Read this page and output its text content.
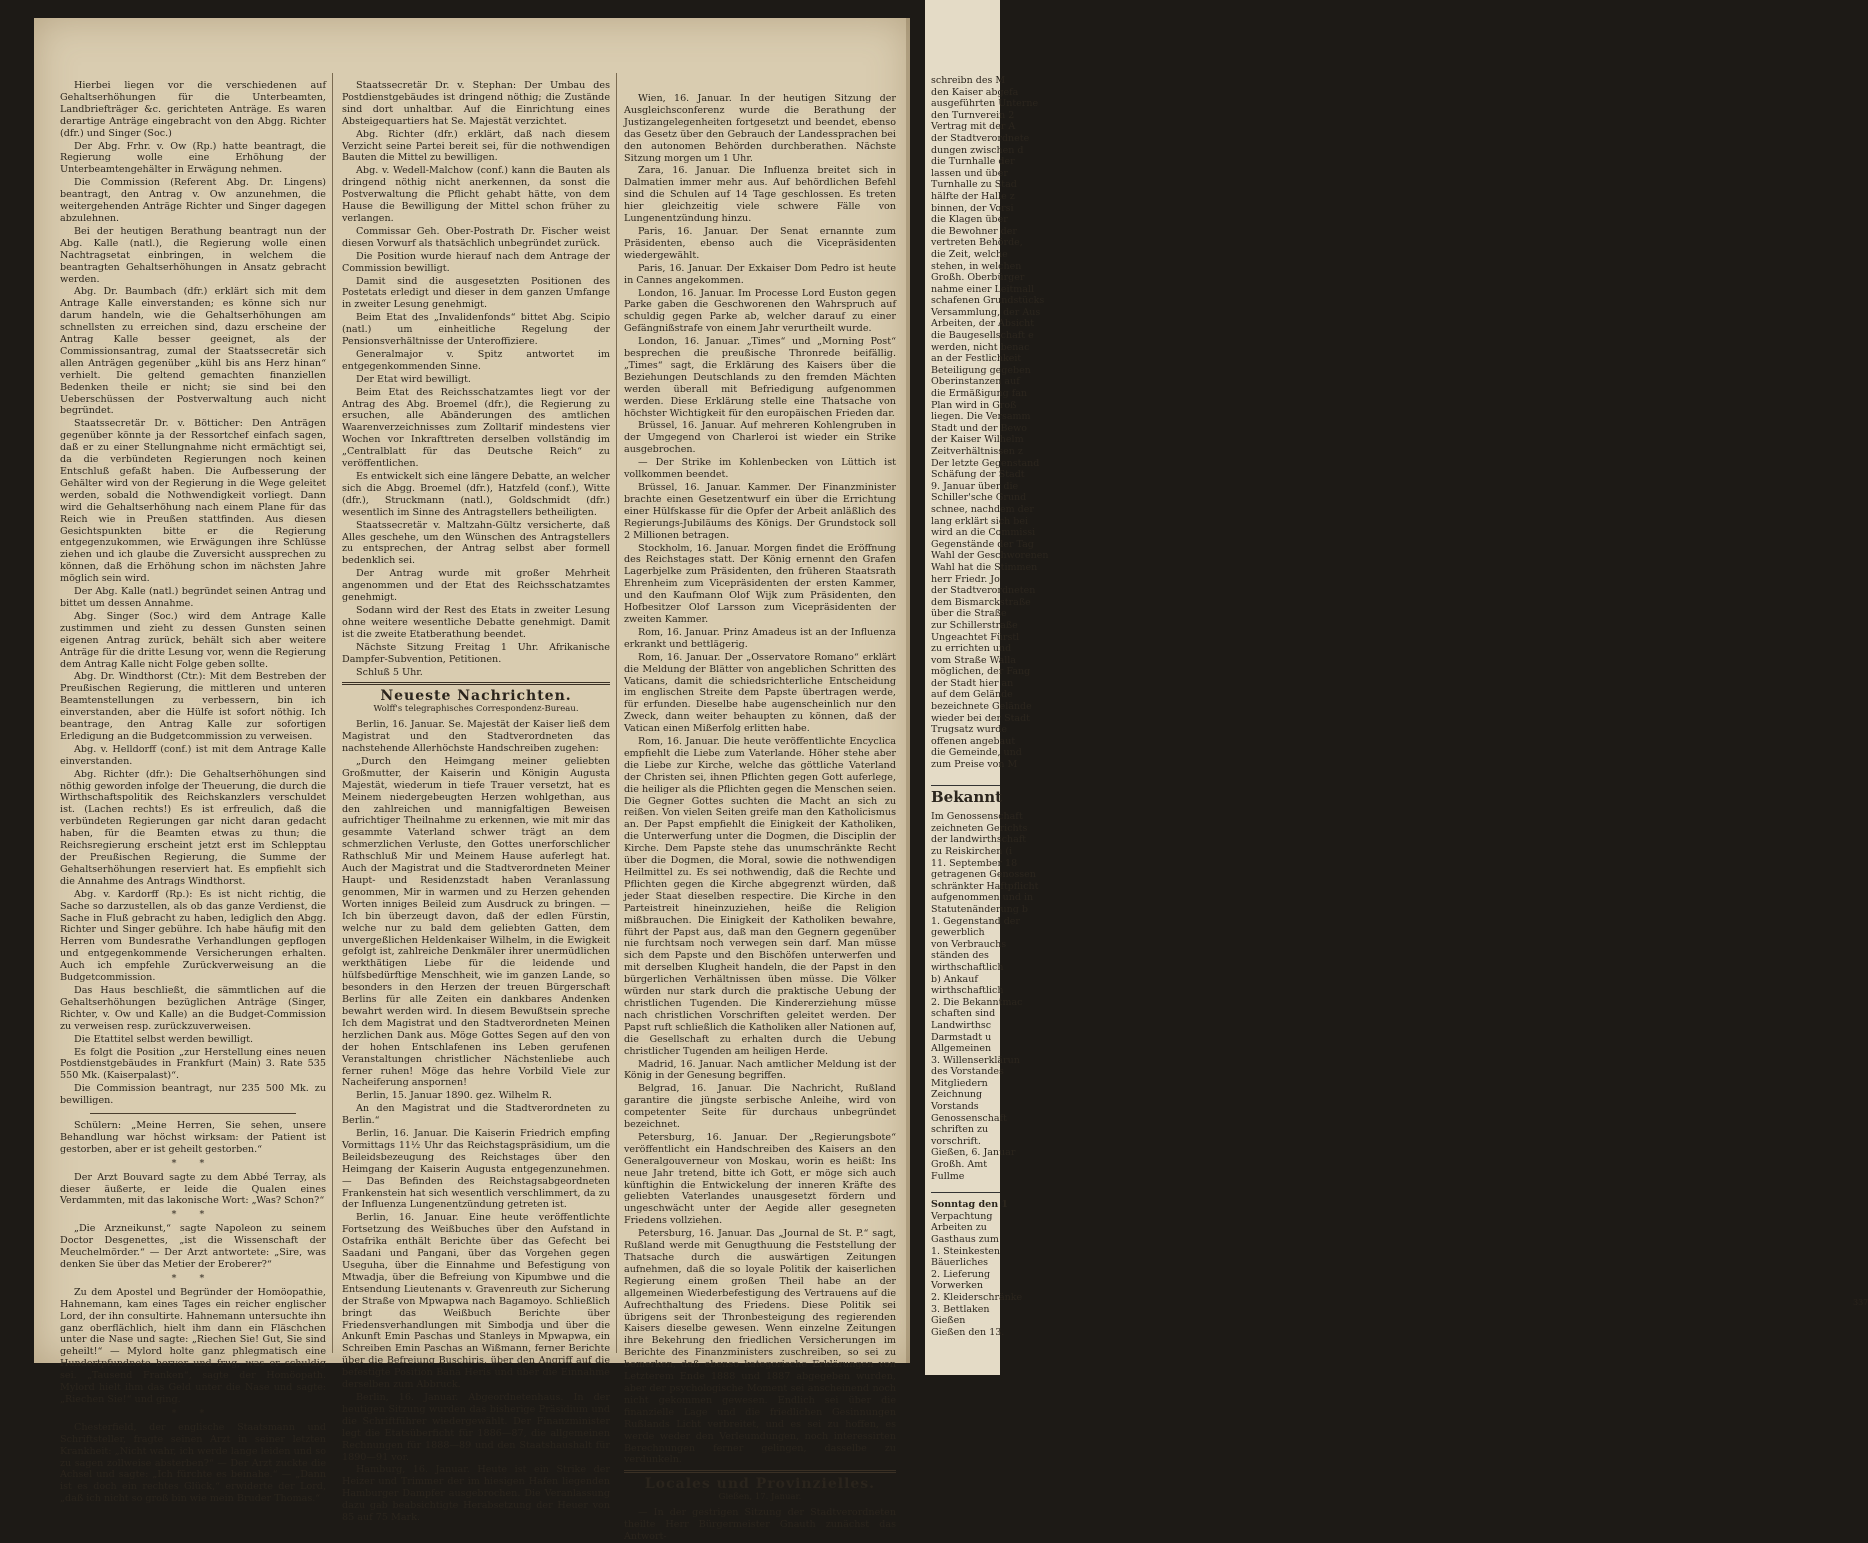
Hierbei liegen vor die verschiedenen auf Gehaltserhöhungen für die Unterbeamten, Landbriefträger &c. gerichteten Anträge. Es waren derartige Anträge eingebracht von den Abgg. Richter (dfr.) und Singer (Soc.)

Der Abg. Frhr. v. Ow (Rp.) hatte beantragt, die Regierung wolle eine Erhöhung der Unterbeamtengehälter in Erwägung nehmen.

Die Commission (Referent Abg. Dr. Lingens) beantragt, den Antrag v. Ow anzunehmen, die weitergehenden Anträge Richter und Singer dagegen abzulehnen.

Bei der heutigen Berathung beantragt nun der Abg. Kalle (natl.), die Regierung wolle einen Nachtragsetat einbringen, in welchem die beantragten Gehaltserhöhungen in Ansatz gebracht werden.

Abg. Dr. Baumbach (dfr.) erklärt sich mit dem Antrage Kalle einverstanden; es könne sich nur darum handeln, wie die Gehaltserhöhungen am schnellsten zu erreichen sind, dazu erscheine der Antrag Kalle besser geeignet, als der Commissionsantrag, zumal der Staatssecretär sich allen Anträgen gegenüber „kühl bis ans Herz hinan“ verhielt. Die geltend gemachten finanziellen Bedenken theile er nicht; sie sind bei den Ueberschüssen der Postverwaltung auch nicht begründet.

Staatssecretär Dr. v. Bötticher: Den Anträgen gegenüber könnte ja der Ressortchef einfach sagen, daß er zu einer Stellungnahme nicht ermächtigt sei, da die verbündeten Regierungen noch keinen Entschluß gefaßt haben. Die Aufbesserung der Gehälter wird von der Regierung in die Wege geleitet werden, sobald die Nothwendigkeit vorliegt. Dann wird die Gehaltserhöhung nach einem Plane für das Reich wie in Preußen stattfinden. Aus diesen Gesichtspunkten bitte er die Regierung entgegenzukommen, wie Erwägungen ihre Schlüsse ziehen und ich glaube die Zuversicht aussprechen zu können, daß die Erhöhung schon im nächsten Jahre möglich sein wird.

Der Abg. Kalle (natl.) begründet seinen Antrag und bittet um dessen Annahme.

Abg. Singer (Soc.) wird dem Antrage Kalle zustimmen und zieht zu dessen Gunsten seinen eigenen Antrag zurück, behält sich aber weitere Anträge für die dritte Lesung vor, wenn die Regierung dem Antrag Kalle nicht Folge geben sollte.

Abg. Dr. Windthorst (Ctr.): Mit dem Bestreben der Preußischen Regierung, die mittleren und unteren Beamtenstellungen zu verbessern, bin ich einverstanden, aber die Hülfe ist sofort nöthig. Ich beantrage, den Antrag Kalle zur sofortigen Erledigung an die Budgetcommission zu verweisen.

Abg. v. Helldorff (conf.) ist mit dem Antrage Kalle einverstanden.

Abg. Richter (dfr.): Die Gehaltserhöhungen sind nöthig geworden infolge der Theuerung, die durch die Wirthschaftspolitik des Reichskanzlers verschuldet ist. (Lachen rechts!) Es ist erfreulich, daß die verbündeten Regierungen gar nicht daran gedacht haben, für die Beamten etwas zu thun; die Reichsregierung erscheint jetzt erst im Schlepptau der Preußischen Regierung, die Summe der Gehaltserhöhungen reserviert hat. Es empfiehlt sich die Annahme des Antrags Windthorst.

Abg. v. Kardorff (Rp.): Es ist nicht richtig, die Sache so darzustellen, als ob das ganze Verdienst, die Sache in Fluß gebracht zu haben, lediglich den Abgg. Richter und Singer gebühre. Ich habe häufig mit den Herren vom Bundesrathe Verhandlungen gepflogen und entgegenkommende Versicherungen erhalten. Auch ich empfehle Zurückverweisung an die Budgetcommission.

Das Haus beschließt, die sämmtlichen auf die Gehaltserhöhungen bezüglichen Anträge (Singer, Richter, v. Ow und Kalle) an die Budget-Commission zu verweisen resp. zurückzuverweisen.

Die Etattitel selbst werden bewilligt.

Es folgt die Position „zur Herstellung eines neuen Postdienstgebäudes in Frankfurt (Main) 3. Rate 535 550 Mk. (Kaiserpalast)“.

Die Commission beantragt, nur 235 500 Mk. zu bewilligen.

Schülern: „Meine Herren, Sie sehen, unsere Behandlung war höchst wirksam: der Patient ist gestorben, aber er ist geheilt gestorben.“

* *

Der Arzt Bouvard sagte zu dem Abbé Terray, als dieser äußerte, er leide die Qualen eines Verdammten, mit das lakonische Wort: „Was? Schon?“

* *

„Die Arzneikunst,“ sagte Napoleon zu seinem Doctor Desgenettes, „ist die Wissenschaft der Meuchelmörder.“ — Der Arzt antwortete: „Sire, was denken Sie über das Metier der Eroberer?“

* *

Zu dem Apostel und Begründer der Homöopathie, Hahnemann, kam eines Tages ein reicher englischer Lord, der ihn consultirte. Hahnemann untersuchte ihn ganz oberflächlich, hielt ihm dann ein Fläschchen unter die Nase und sagte: „Riechen Sie! Gut, Sie sind geheilt!“ — Mylord holte ganz phlegmatisch eine Hundertpfundnote hervor und frug, was er schuldig sei. „Tausend Franken“, sagte der Homöopath. Mylord hielt ihm das Geld unter die Nase und sagte: „Riechen Sie!“ und ging.

* *

Chesterfield, der englische Staatsmann und Schriftsteller, fragte seinen Arzt in seiner letzten Krankheit: „Nicht wahr, ich werde lange leiden und so zu sagen zollweise absterben?“ — Der Arzt zuckte die Achsel und sagte: „Ich fürchte es beinahe.“ — „Dann ist es doch ein rechtes Glück,“ erwiderte der Lord, „daß ich nicht so groß bin wie mein Bruder Thomas.“

Staatssecretär Dr. v. Stephan: Der Umbau des Postdienstgebäudes ist dringend nöthig; die Zustände sind dort unhaltbar. Auf die Einrichtung eines Absteigequartiers hat Se. Majestät verzichtet.

Abg. Richter (dfr.) erklärt, daß nach diesem Verzicht seine Partei bereit sei, für die nothwendigen Bauten die Mittel zu bewilligen.

Abg. v. Wedell-Malchow (conf.) kann die Bauten als dringend nöthig nicht anerkennen, da sonst die Postverwaltung die Pflicht gehabt hätte, von dem Hause die Bewilligung der Mittel schon früher zu verlangen.

Commissar Geh. Ober-Postrath Dr. Fischer weist diesen Vorwurf als thatsächlich unbegründet zurück.

Die Position wurde hierauf nach dem Antrage der Commission bewilligt.

Damit sind die ausgesetzten Positionen des Postetats erledigt und dieser in dem ganzen Umfange in zweiter Lesung genehmigt.

Beim Etat des „Invalidenfonds“ bittet Abg. Scipio (natl.) um einheitliche Regelung der Pensionsverhältnisse der Unteroffiziere.

Generalmajor v. Spitz antwortet im entgegenkommenden Sinne.

Der Etat wird bewilligt.

Beim Etat des Reichsschatzamtes liegt vor der Antrag des Abg. Broemel (dfr.), die Regierung zu ersuchen, alle Abänderungen des amtlichen Waarenverzeichnisses zum Zolltarif mindestens vier Wochen vor Inkrafttreten derselben vollständig im „Centralblatt für das Deutsche Reich“ zu veröffentlichen.

Es entwickelt sich eine längere Debatte, an welcher sich die Abgg. Broemel (dfr.), Hatzfeld (conf.), Witte (dfr.), Struckmann (natl.), Goldschmidt (dfr.) wesentlich im Sinne des Antragstellers betheiligten.

Staatssecretär v. Maltzahn-Gültz versicherte, daß Alles geschehe, um den Wünschen des Antragstellers zu entsprechen, der Antrag selbst aber formell bedenklich sei.

Der Antrag wurde mit großer Mehrheit angenommen und der Etat des Reichsschatzamtes genehmigt.

Sodann wird der Rest des Etats in zweiter Lesung ohne weitere wesentliche Debatte genehmigt. Damit ist die zweite Etatberathung beendet.

Nächste Sitzung Freitag 1 Uhr. Afrikanische Dampfer-Subvention, Petitionen.

Schluß 5 Uhr.

Neueste Nachrichten.
Wolff's telegraphisches Correspondenz-Bureau.

Berlin, 16. Januar. Se. Majestät der Kaiser ließ dem Magistrat und den Stadtverordneten das nachstehende Allerhöchste Handschreiben zugehen:

„Durch den Heimgang meiner geliebten Großmutter, der Kaiserin und Königin Augusta Majestät, wiederum in tiefe Trauer versetzt, hat es Meinem niedergebeugten Herzen wohlgethan, aus den zahlreichen und mannigfaltigen Beweisen aufrichtiger Theilnahme zu erkennen, wie mit mir das gesammte Vaterland schwer trägt an dem schmerzlichen Verluste, den Gottes unerforschlicher Rathschluß Mir und Meinem Hause auferlegt hat. Auch der Magistrat und die Stadtverordneten Meiner Haupt- und Residenzstadt haben Veranlassung genommen, Mir in warmen und zu Herzen gehenden Worten inniges Beileid zum Ausdruck zu bringen. — Ich bin überzeugt davon, daß der edlen Fürstin, welche nur zu bald dem geliebten Gatten, dem unvergeßlichen Heldenkaiser Wilhelm, in die Ewigkeit gefolgt ist, zahlreiche Denkmäler ihrer unermüdlichen werkthätigen Liebe für die leidende und hülfsbedürftige Menschheit, wie im ganzen Lande, so besonders in den Herzen der treuen Bürgerschaft Berlins für alle Zeiten ein dankbares Andenken bewahrt werden wird. In diesem Bewußtsein spreche Ich dem Magistrat und den Stadtverordneten Meinen herzlichen Dank aus. Möge Gottes Segen auf den von der hohen Entschlafenen ins Leben gerufenen Veranstaltungen christlicher Nächstenliebe auch ferner ruhen! Möge das hehre Vorbild Viele zur Nacheiferung anspornen!

Berlin, 15. Januar 1890. gez. Wilhelm R.

An den Magistrat und die Stadtverordneten zu Berlin.“

Berlin, 16. Januar. Die Kaiserin Friedrich empfing Vormittags 11½ Uhr das Reichstagspräsidium, um die Beileidsbezeugung des Reichstages über den Heimgang der Kaiserin Augusta entgegenzunehmen. — Das Befinden des Reichstagsabgeordneten Frankenstein hat sich wesentlich verschlimmert, da zu der Influenza Lungenentzündung getreten ist.

Berlin, 16. Januar. Eine heute veröffentlichte Fortsetzung des Weißbuches über den Aufstand in Ostafrika enthält Berichte über das Gefecht bei Saadani und Pangani, über das Vorgehen gegen Useguha, über die Einnahme und Befestigung von Mtwadja, über die Befreiung von Kipumbwe und die Entsendung Lieutenants v. Gravenreuth zur Sicherung der Straße von Mpwapwa nach Bagamoyo. Schließlich bringt das Weißbuch Berichte über Friedensverhandlungen mit Simbodja und über die Ankunft Emin Paschas und Stanleys in Mpwapwa, ein Schreiben Emin Paschas an Wißmann, ferner Berichte über die Befreiung Buschiris, über den Angriff auf die befestigte Position Bana Heris und über die Einnahme derselben zum Abbruck.

Berlin, 16. Januar. Abgeordnetenhaus. In der heutigen Sitzung wurden das bisherige Präsidium und die Schriftführer wiedergewählt. Der Finanzminister legt die Etatsüberficht für 1886—87, die allgemeinen Rechnungen für 1888—89 und den Staatshaushalt für 1890—91 vor.

Hamburg, 16. Januar. Heute ist ein Strike der Heizer und Trimmer der im hiesigen Hafen liegenden Hamburger Dampfer ausgebrochen. Die Veranlassung dazu gab beabsichtigte Herabsetzung der Heuer von 85 auf 75 Mark.

Wien, 16. Januar. In der heutigen Sitzung der Ausgleichsconferenz wurde die Berathung der Justizangelegenheiten fortgesetzt und beendet, ebenso das Gesetz über den Gebrauch der Landessprachen bei den autonomen Behörden durchberathen. Nächste Sitzung morgen um 1 Uhr.

Zara, 16. Januar. Die Influenza breitet sich in Dalmatien immer mehr aus. Auf behördlichen Befehl sind die Schulen auf 14 Tage geschlossen. Es treten hier gleichzeitig viele schwere Fälle von Lungenentzündung hinzu.

Paris, 16. Januar. Der Senat ernannte zum Präsidenten, ebenso auch die Vicepräsidenten wiedergewählt.

Paris, 16. Januar. Der Exkaiser Dom Pedro ist heute in Cannes angekommen.

London, 16. Januar. Im Processe Lord Euston gegen Parke gaben die Geschworenen den Wahrspruch auf schuldig gegen Parke ab, welcher darauf zu einer Gefängnißstrafe von einem Jahr verurtheilt wurde.

London, 16. Januar. „Times“ und „Morning Post“ besprechen die preußische Thronrede beifällig. „Times“ sagt, die Erklärung des Kaisers über die Beziehungen Deutschlands zu den fremden Mächten werden überall mit Befriedigung aufgenommen werden. Diese Erklärung stelle eine Thatsache von höchster Wichtigkeit für den europäischen Frieden dar.

Brüssel, 16. Januar. Auf mehreren Kohlengruben in der Umgegend von Charleroi ist wieder ein Strike ausgebrochen.

— Der Strike im Kohlenbecken von Lüttich ist vollkommen beendet.

Brüssel, 16. Januar. Kammer. Der Finanzminister brachte einen Gesetzentwurf ein über die Errichtung einer Hülfskasse für die Opfer der Arbeit anläßlich des Regierungs-Jubiläums des Königs. Der Grundstock soll 2 Millionen betragen.

Stockholm, 16. Januar. Morgen findet die Eröffnung des Reichstages statt. Der König ernennt den Grafen Lagerbjelke zum Präsidenten, den früheren Staatsrath Ehrenheim zum Vicepräsidenten der ersten Kammer, und den Kaufmann Olof Wijk zum Präsidenten, den Hofbesitzer Olof Larsson zum Vicepräsidenten der zweiten Kammer.

Rom, 16. Januar. Prinz Amadeus ist an der Influenza erkrankt und bettlägerig.

Rom, 16. Januar. Der „Osservatore Romano“ erklärt die Meldung der Blätter von angeblichen Schritten des Vaticans, damit die schiedsrichterliche Entscheidung im englischen Streite dem Papste übertragen werde, für erfunden. Dieselbe habe augenscheinlich nur den Zweck, dann weiter behaupten zu können, daß der Vatican einen Mißerfolg erlitten habe.

Rom, 16. Januar. Die heute veröffentlichte Encyclica empfiehlt die Liebe zum Vaterlande. Höher stehe aber die Liebe zur Kirche, welche das göttliche Vaterland der Christen sei, ihnen Pflichten gegen Gott auferlege, die heiliger als die Pflichten gegen die Menschen seien. Die Gegner Gottes suchten die Macht an sich zu reißen. Von vielen Seiten greife man den Katholicismus an. Der Papst empfiehlt die Einigkeit der Katholiken, die Unterwerfung unter die Dogmen, die Disciplin der Kirche. Dem Papste stehe das unumschränkte Recht über die Dogmen, die Moral, sowie die nothwendigen Heilmittel zu. Es sei nothwendig, daß die Rechte und Pflichten gegen die Kirche abgegrenzt würden, daß jeder Staat dieselben respectire. Die Kirche in den Parteistreit hineinzuziehen, heiße die Religion mißbrauchen. Die Einigkeit der Katholiken bewahre, führt der Papst aus, daß man den Gegnern gegenüber nie furchtsam noch verwegen sein darf. Man müsse sich dem Papste und den Bischöfen unterwerfen und mit derselben Klugheit handeln, die der Papst in den bürgerlichen Verhältnissen üben müsse. Die Völker würden nur stark durch die praktische Uebung der christlichen Tugenden. Die Kindererziehung müsse nach christlichen Vorschriften geleitet werden. Der Papst ruft schließlich die Katholiken aller Nationen auf, die Gesellschaft zu erhalten durch die Uebung christlicher Tugenden am heiligen Herde.

Madrid, 16. Januar. Nach amtlicher Meldung ist der König in der Genesung begriffen.

Belgrad, 16. Januar. Die Nachricht, Rußland garantire die jüngste serbische Anleihe, wird von competenter Seite für durchaus unbegründet bezeichnet.

Petersburg, 16. Januar. Der „Regierungsbote“ veröffentlicht ein Handschreiben des Kaisers an den Generalgouverneur von Moskau, worin es heißt: Ins neue Jahr tretend, bitte ich Gott, er möge sich auch künftighin die Entwickelung der inneren Kräfte des geliebten Vaterlandes unausgesetzt fördern und ungeschwächt unter der Aegide aller gesegneten Friedens vollziehen.

Petersburg, 16. Januar. Das „Journal de St. P.“ sagt, Rußland werde mit Genugthuung die Feststellung der Thatsache durch die auswärtigen Zeitungen aufnehmen, daß die so loyale Politik der kaiserlichen Regierung einem großen Theil habe an der allgemeinen Wiederbefestigung des Vertrauens auf die Aufrechthaltung des Friedens. Diese Politik sei übrigens seit der Thronbesteigung des regierenden Kaisers dieselbe gewesen. Wenn einzelne Zeitungen ihre Bekehrung den friedlichen Versicherungen im Berichte des Finanzministers zuschreiben, so sei zu bemerken, daß ebenso kategorische Erklärungen von Letzterem Ende 1888 und 1887 abgegeben wurden, aber der psychologische Moment sei anscheinend noch nicht gekommen gewesen. Endlich sei über die finanzielle Lage und die friedlichen Gesinnungen Rußlands Licht verbreitet, und es sei zu hoffen, es werde weder den Verleumdungen, noch interessirten Berechnungen ferner gelingen, dasselbe zu verdunkeln.

Locales und Provinzielles.
Gießen, 17. Januar.

— In der gestrigen Sitzung der Stadtverordneten theilte Herr Bürgermeister Gnauth zunächst das Antwort-

schreibn des M
den Kaiser abgefa
ausgeführten Unterne
den Turnverein 2
Vertrag mit der A
der Stadtverordnete
dungen zwischen d
die Turnhalle der
lassen und über
Turnhalle zu Stad
hälfte der Halle z
binnen, der Vorsi
die Klagen über
die Bewohner der
vertreten Behörde,
die Zeit, welche
stehen, in welchen
Großh. Oberbürger
nahme einer Leitmall
schafenen Grundstücks
Versammlung, der Aus
Arbeiten, der Absicht
die Baugesellschaft e
werden, nicht benac
an der Festlichkeit
Beteiligung gegeben
Oberinstanzen auf
die Ermäßigung fan
Plan wird in Groß
liegen. Die Versamm
Stadt und der Bewo
der Kaiser Wilhelm
Zeitverhältnissen z
Der letzte Gegenstand
Schäfung der Stadt
9. Januar über die
Schiller'sche Grund
schnee, nachdem der
lang erklärt sich bei
wird an die Commissi
Gegenstände der Tag
Wahl der Geschworenen
Wahl hat die Stimmen
herr Friedr. Jo
der Stadtverordneten
dem Bismarckstraße
über die Straße
zur Schillerstraße
Ungeachtet Fürstl
zu errichten und
vom Straße Walla
möglichen, der Fang
der Stadt hier an
auf dem Gelände
bezeichnete Gelände
wieder bei der Stadt
Trugsatz wurde
offenen angebaut
die Gemeinde, und
zum Preise von M
Bekannt
Im Genossenschaft
zeichneten Gerichts
der landwirthschaft
zu Reiskirchen (i
11. September 18
getragenen Genossen
schränkter Haftpflicht
aufgenommen und in
Statutenänderung b
1. Gegenstand der
gewerblich
von Verbrauchs
ständen des
wirthschaftlich
b) Ankauf
wirthschaftlich
2. Die Bekanntmac
schaften sind
Landwirthsc
Darmstadt u
Allgemeinen
3. Willenserklärun
des Vorstandes
Mitgliedern
Zeichnung
Vorstands
Genossenschaft
schriften zu
vorschrift.
Gießen, 6. Januar
Großh. Amt
Fullme
Sonntag den 1
Verpachtung
Arbeiten zu
Gasthaus zum
1. Steinkesten
Bäuerliches
2. Lieferung
Vorwerken
2. Kleiderschränke
3. Bettlaken
Gießen
Gießen den 13.
337
